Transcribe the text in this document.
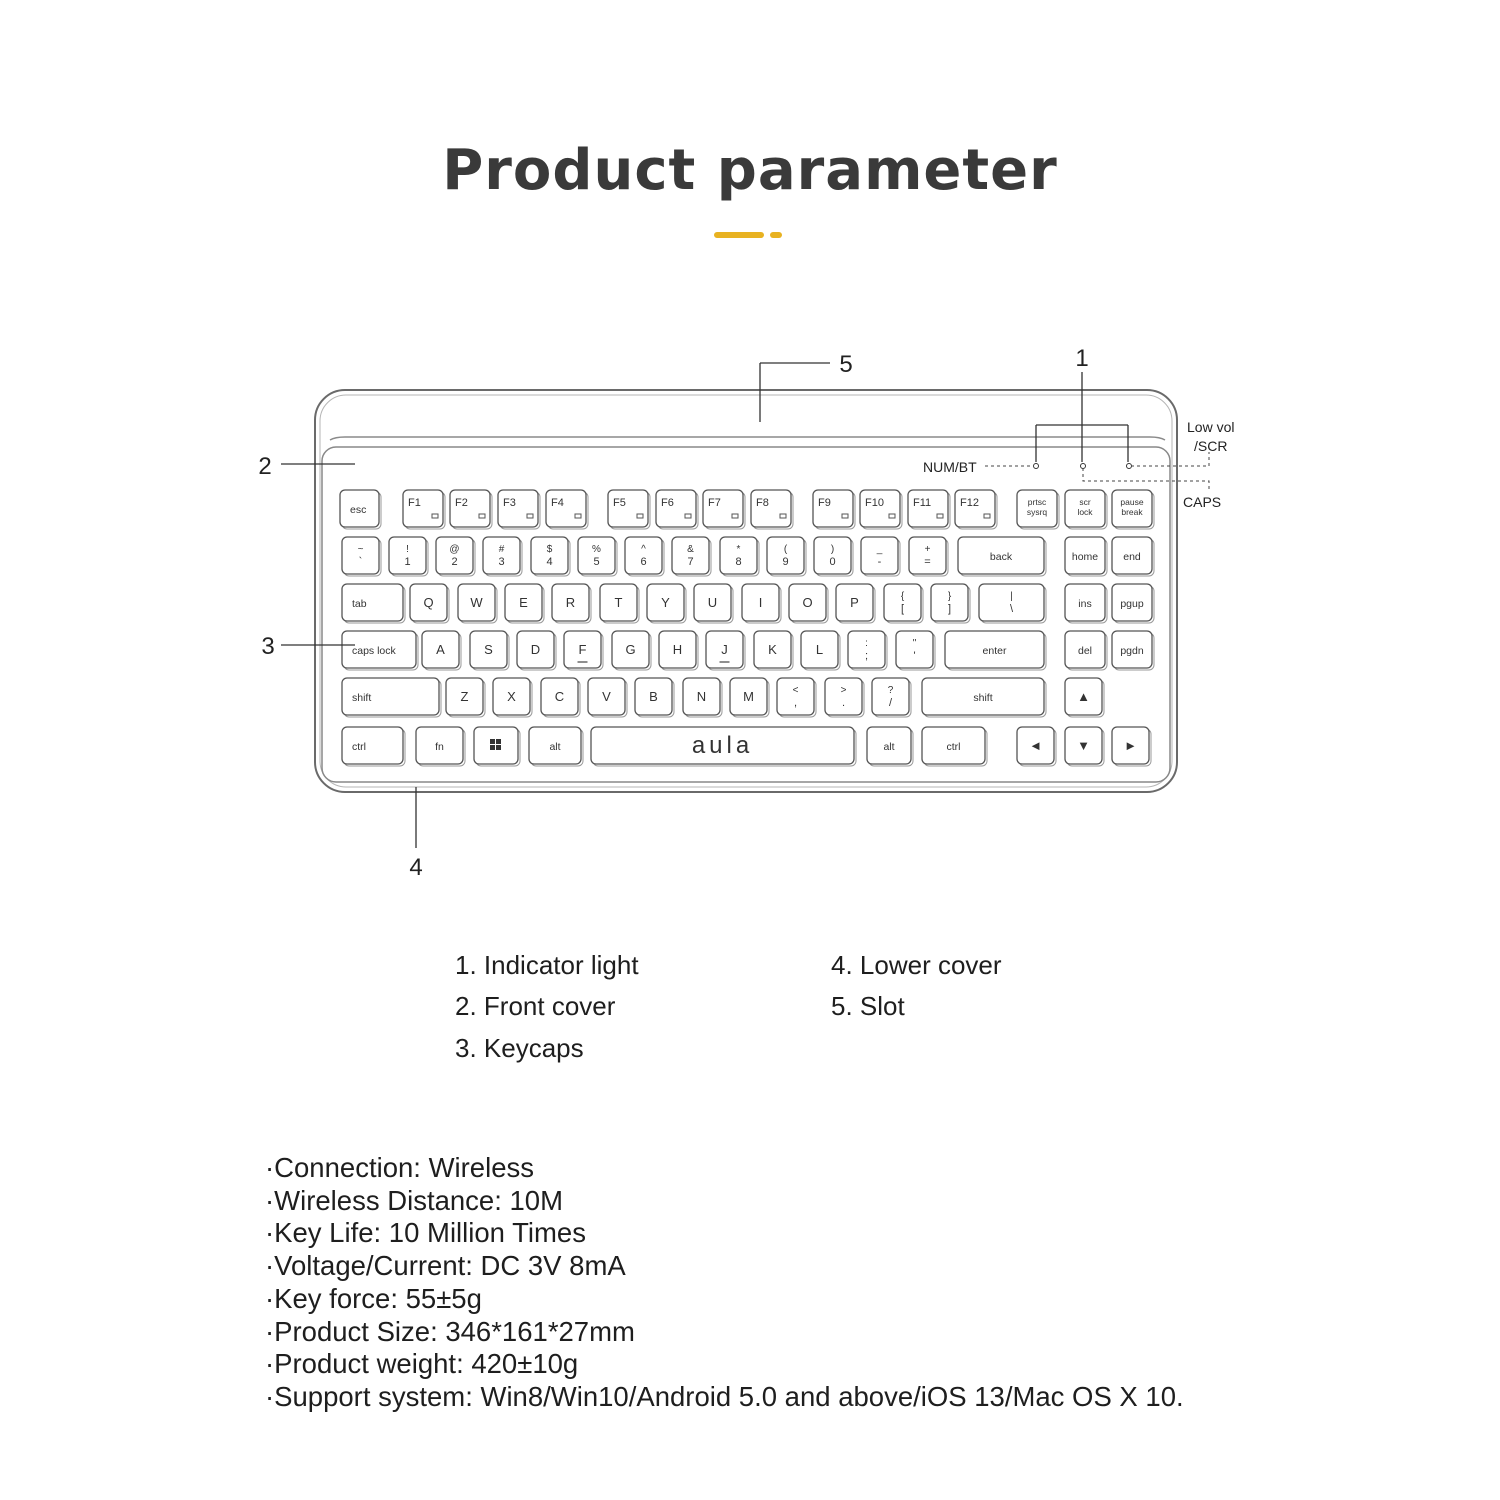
Product parameter
esc
F1	F2	F3	F4	F5	F6	F7	F8	F9	F10	F11	F12	prtsc
sysrq
scr
lock
pause
break
~
`
!
1
@
2
#
3
$
4
%
5
^
6
&
7
*
8
(
9
)
0
_
-
+
=	back	home end
tab	Q	W	E	R	T	Y	U	I	O	P	{
[
}
]
|
\	ins	pgup
caps lock	A	S	D	F	G	H	J	K	L	:
;
"
'	enter	del	pgdn
shift	Z	X	C	V	B	N	M	<
,
>
.
?
/	shift	▲
ctrl	fn	alt	aula	alt	ctrl	◄	▼	►
5
2
3
4
1
NUM/BT
Low vol
/SCR
CAPS
1. Indicator light
2. Front cover
3. Keycaps
4. Lower cover
5. Slot
·Connection: Wireless
·Wireless Distance: 10M
·Key Life: 10 Million Times
·Voltage/Current: DC 3V 8mA
·Key force: 55±5g
·Product Size: 346*161*27mm
·Product weight: 420±10g
·Support system: Win8/Win10/Android 5.0 and above/iOS 13/Mac OS X 10.
